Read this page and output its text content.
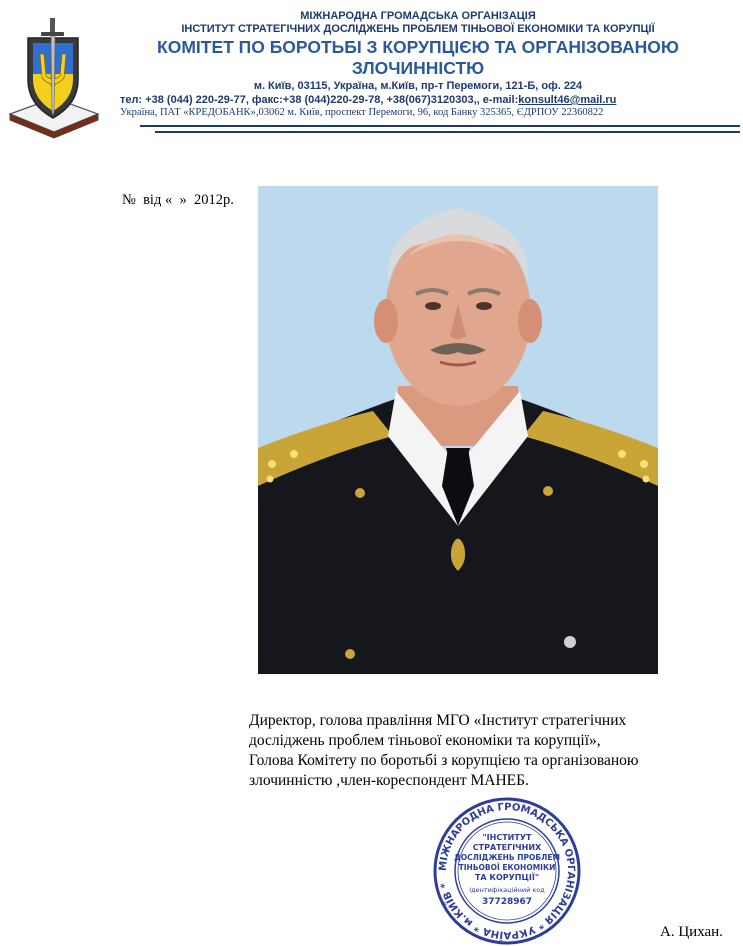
МІЖНАРОДНА ГРОМАДСЬКА ОРГАНІЗАЦІЯ
ІНСТИТУТ СТРАТЕГІЧНИХ ДОСЛІДЖЕНЬ ПРОБЛЕМ ТІНЬОВОЇ ЕКОНОМІКИ ТА КОРУПЦІЇ
КОМІТЕТ ПО БОРОТЬБІ З КОРУПЦІЄЮ ТА ОРГАНІЗОВАНОЮ
ЗЛОЧИННІСТЮ
м. Київ, 03115, Україна, м.Київ, пр-т Перемоги, 121-Б, оф. 224
тел: +38 (044) 220-29-77, факс:+38 (044)220-29-78, +38(067)3120303,, e-mail:konsult46@mail.ru
Україна, ПАТ «КРЕДОБАНК»,03062 м. Київ, проспект Перемоги, 96, код Банку 325365, ЄДРПОУ 22360822
№  від «  »  2012р.
Директор, голова правління МГО «Інститут стратегічних
досліджень проблем тіньової економіки та корупції»,
Голова Комітету по боротьбі з корупцією та організованою
злочинністю ,член-кореспондент МАНЕБ.
МІЖНАРОДНА ГРОМАДСЬКА ОРГАНІЗАЦІЯ * УКРАЇНА * м.КИЇВ *
"ІНСТИТУТ
СТРАТЕГІЧНИХ
ДОСЛІДЖЕНЬ ПРОБЛЕМ
ТІНЬОВОЇ ЕКОНОМІКИ
ТА КОРУПЦІЇ"
Ідентифікаційний код
37728967
А. Цихан.
